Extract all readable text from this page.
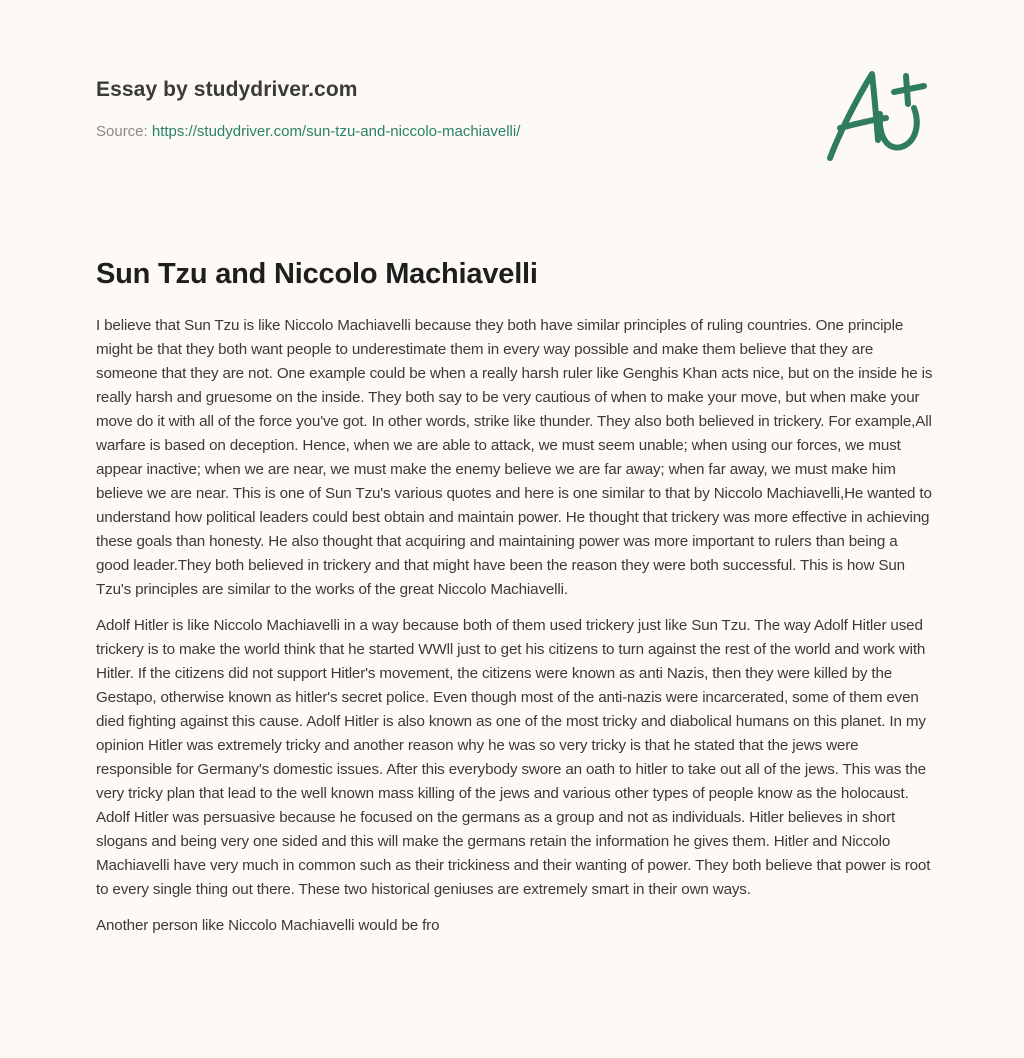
Essay by studydriver.com
Source: https://studydriver.com/sun-tzu-and-niccolo-machiavelli/
Sun Tzu and Niccolo Machiavelli

I believe that Sun Tzu is like Niccolo Machiavelli because they both have similar principles of ruling countries. One principle might be that they both want people to underestimate them in every way possible and make them believe that they are someone that they are not. One example could be when a really harsh ruler like Genghis Khan acts nice, but on the inside he is really harsh and gruesome on the inside. They both say to be very cautious of when to make your move, but when make your move do it with all of the force you've got. In other words, strike like thunder. They also both believed in trickery. For example,All warfare is based on deception. Hence, when we are able to attack, we must seem unable; when using our forces, we must appear inactive; when we are near, we must make the enemy believe we are far away; when far away, we must make him believe we are near. This is one of Sun Tzu's various quotes and here is one similar to that by Niccolo Machiavelli,He wanted to understand how political leaders could best obtain and maintain power. He thought that trickery was more effective in achieving these goals than honesty. He also thought that acquiring and maintaining power was more important to rulers than being a good leader.They both believed in trickery and that might have been the reason they were both successful. This is how Sun Tzu's principles are similar to the works of the great Niccolo Machiavelli.

Adolf Hitler is like Niccolo Machiavelli in a way because both of them used trickery just like Sun Tzu. The way Adolf Hitler used trickery is to make the world think that he started WWll just to get his citizens to turn against the rest of the world and work with Hitler. If the citizens did not support Hitler's movement, the citizens were known as anti Nazis, then they were killed by the Gestapo, otherwise known as hitler's secret police. Even though most of the anti-nazis were incarcerated, some of them even died fighting against this cause. Adolf Hitler is also known as one of the most tricky and diabolical humans on this planet. In my opinion Hitler was extremely tricky and another reason why he was so very tricky is that he stated that the jews were responsible for Germany's domestic issues. After this everybody swore an oath to hitler to take out all of the jews. This was the very tricky plan that lead to the well known mass killing of the jews and various other types of people know as the holocaust. Adolf Hitler was persuasive because he focused on the germans as a group and not as individuals. Hitler believes in short slogans and being very one sided and this will make the germans retain the information he gives them. Hitler and Niccolo Machiavelli have very much in common such as their trickiness and their wanting of power. They both believe that power is root to every single thing out there. These two historical geniuses are extremely smart in their own ways.

Another person like Niccolo Machiavelli would be fro
